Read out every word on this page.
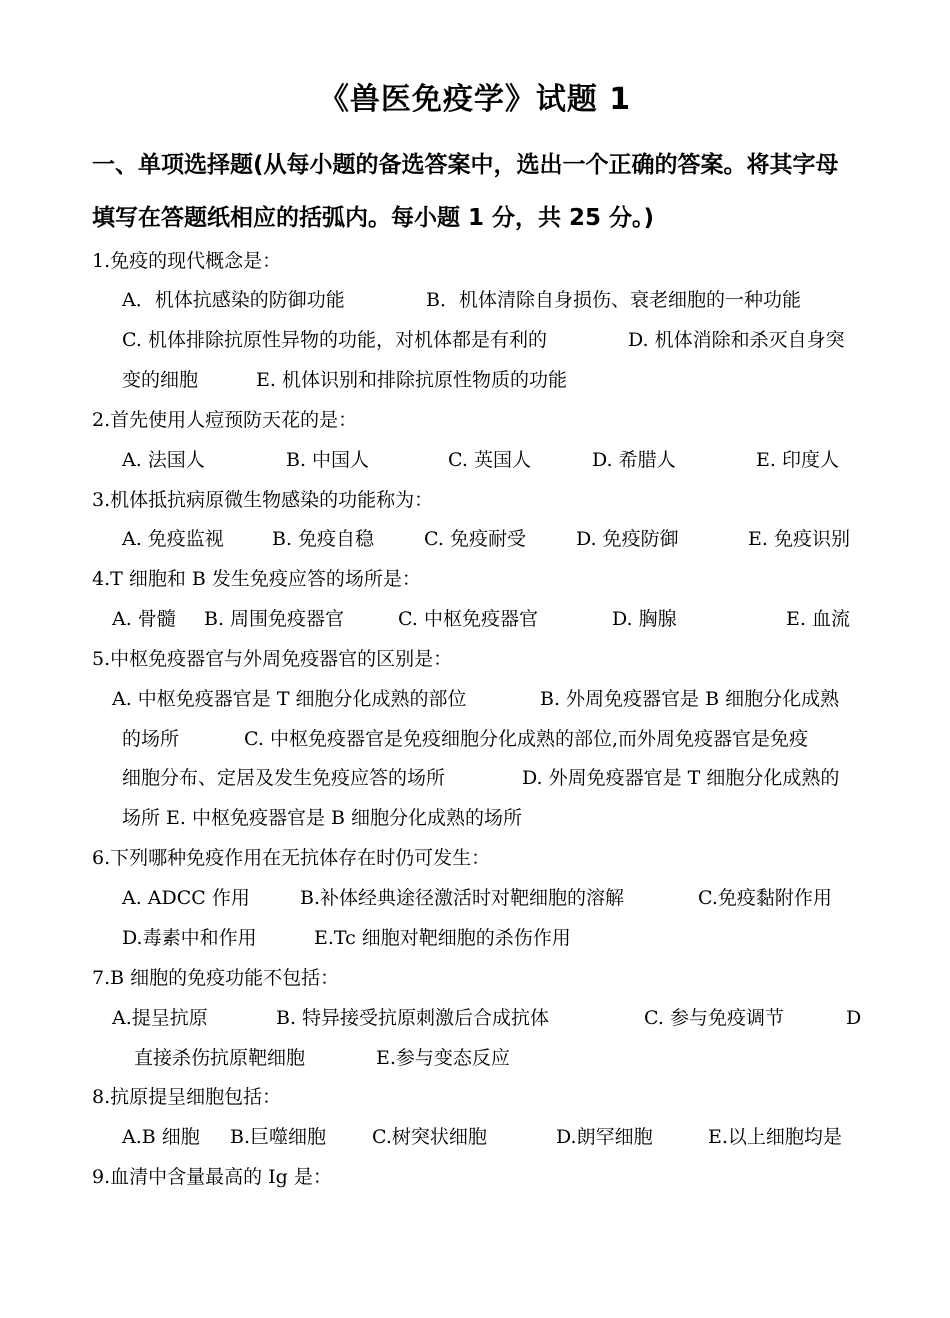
《兽医免疫学》试题 1
一、单项选择题(从每小题的备选答案中，选出一个正确的答案。将其字母
填写在答题纸相应的括弧内。每小题 1 分，共 25 分。)
1.免疫的现代概念是：
A．机体抗感染的防御功能	B．机体清除自身损伤、衰老细胞的一种功能
C. 机体排除抗原性异物的功能，对机体都是有利的	D. 机体消除和杀灭自身突
变的细胞	E. 机体识别和排除抗原性物质的功能
2.首先使用人痘预防天花的是：
A. 法国人	B. 中国人	C. 英国人	D. 希腊人	E. 印度人
3.机体抵抗病原微生物感染的功能称为：
A. 免疫监视	B. 免疫自稳	C. 免疫耐受	D. 免疫防御	E. 免疫识别
4.T 细胞和 B 发生免疫应答的场所是：
A. 骨髓 B. 周围免疫器官	C. 中枢免疫器官	D. 胸腺	E. 血流
5.中枢免疫器官与外周免疫器官的区别是：
A. 中枢免疫器官是 T 细胞分化成熟的部位	B. 外周免疫器官是 B 细胞分化成熟
的场所	C. 中枢免疫器官是免疫细胞分化成熟的部位,而外周免疫器官是免疫
细胞分布、定居及发生免疫应答的场所	D. 外周免疫器官是 T 细胞分化成熟的
场所 E. 中枢免疫器官是 B 细胞分化成熟的场所
6.下列哪种免疫作用在无抗体存在时仍可发生：
A. ADCC 作用	B.补体经典途径激活时对靶细胞的溶解	C.免疫黏附作用
D.毒素中和作用	E.Tc 细胞对靶细胞的杀伤作用
7.B 细胞的免疫功能不包括：
A.提呈抗原	B. 特异接受抗原刺激后合成抗体	C. 参与免疫调节	D
直接杀伤抗原靶细胞	E.参与变态反应
8.抗原提呈细胞包括：
A.B 细胞 B.巨噬细胞 C.树突状细胞	D.朗罕细胞	E.以上细胞均是
9.血清中含量最高的 Ig 是：
